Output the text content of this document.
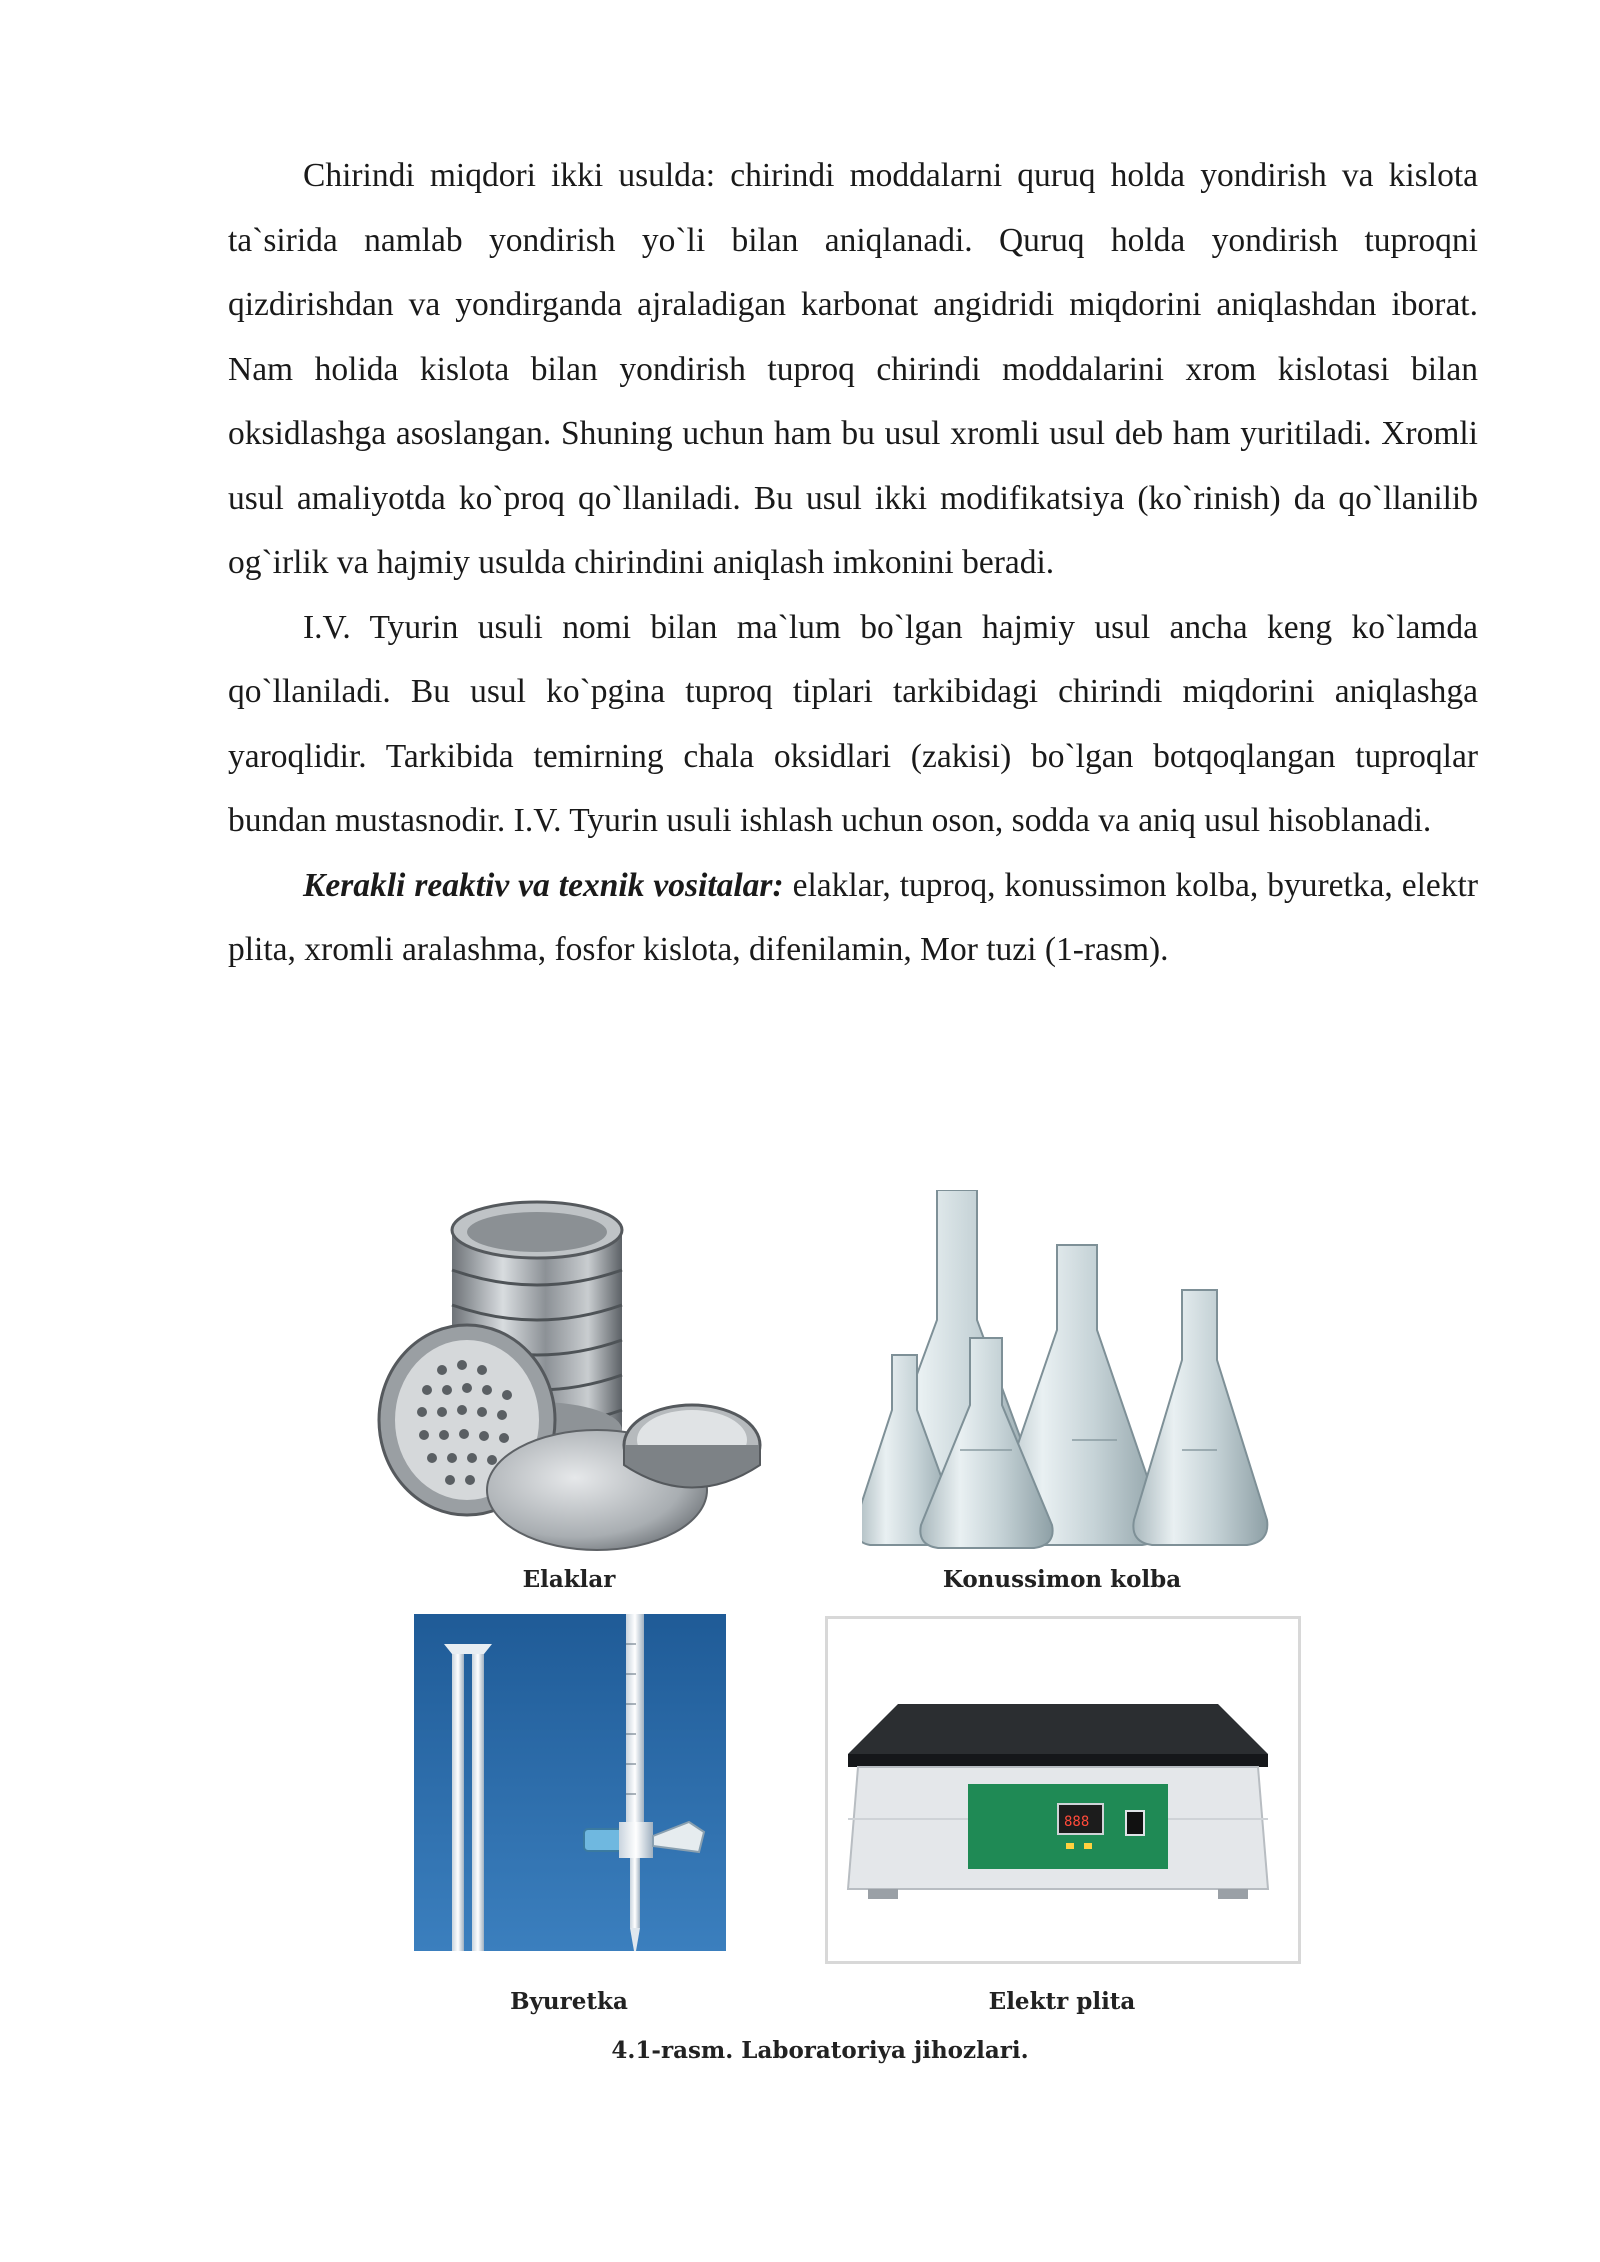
Chirindi miqdori ikki usulda: chirindi moddalarni quruq holda yondirish va kislota ta`sirida namlab yondirish yo`li bilan aniqlanadi. Quruq holda yondirish tuproqni qizdirishdan va yondirganda ajraladigan karbonat angidridi miqdorini aniqlashdan iborat. Nam holida kislota bilan yondirish tuproq chirindi moddalarini xrom kislotasi bilan oksidlashga asoslangan. Shuning uchun ham bu usul xromli usul deb ham yuritiladi. Xromli usul amaliyotda ko`proq qo`llaniladi. Bu usul ikki modifikatsiya (ko`rinish) da qo`llanilib og`irlik va hajmiy usulda chirindini aniqlash imkonini beradi.

I.V. Tyurin usuli nomi bilan ma`lum bo`lgan hajmiy usul ancha keng ko`lamda qo`llaniladi. Bu usul ko`pgina tuproq tiplari tarkibidagi chirindi miqdorini aniqlashga yaroqlidir. Tarkibida temirning chala oksidlari (zakisi) bo`lgan botqoqlangan tuproqlar bundan mustasnodir. I.V. Tyurin usuli ishlash uchun oson, sodda va aniq usul hisoblanadi.

Kerakli reaktiv va texnik vositalar: elaklar, tuproq, konussimon kolba, byuretka, elektr plita, xromli aralashma, fosfor kislota, difenilamin, Mor tuzi (1-rasm).

Elaklar	Konussimon kolba
Byuretka
888
Elektr plita
4.1-rasm. Laboratoriya jihozlari.
